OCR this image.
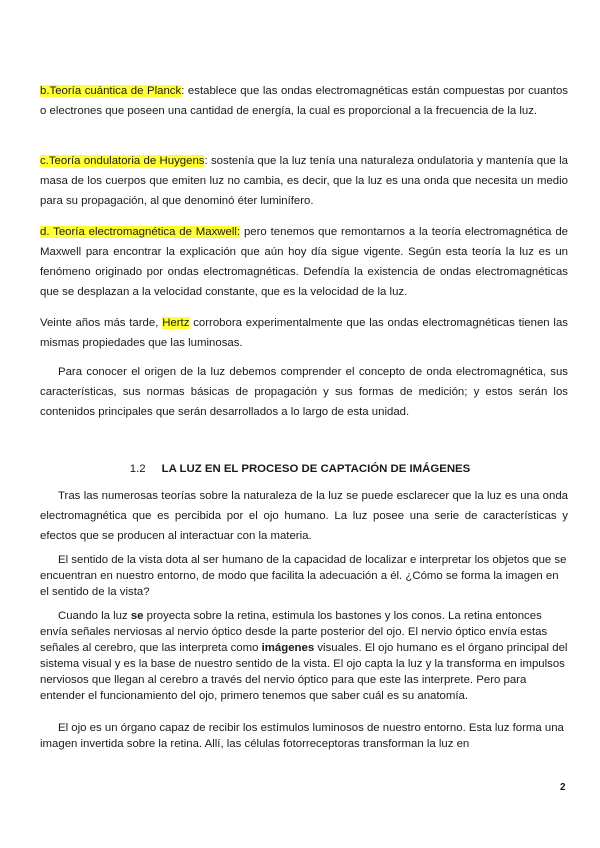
b.Teoría cuántica de Planck: establece que las ondas electromagnéticas están compuestas por cuantos o electrones que poseen una cantidad de energía, la cual es proporcional a la frecuencia de la luz.

c.Teoría ondulatoria de Huygens: sostenía que la luz tenía una naturaleza ondulatoria y mantenía que la masa de los cuerpos que emiten luz no cambia, es decir, que la luz es una onda que necesita un medio para su propagación, al que denominó éter luminífero.

d. Teoría electromagnética de Maxwell: pero tenemos que remontarnos a la teoría electromagnética de Maxwell para encontrar la explicación que aún hoy día sigue vigente. Según esta teoría la luz es un fenómeno originado por ondas electromagnéticas. Defendía la existencia de ondas electromagnéticas que se desplazan a la velocidad constante, que es la velocidad de la luz.

Veinte años más tarde, Hertz corrobora experimentalmente que las ondas electromagnéticas tienen las mismas propiedades que las luminosas.

Para conocer el origen de la luz debemos comprender el concepto de onda electromagnética, sus características, sus normas básicas de propagación y sus formas de medición; y estos serán los contenidos principales que serán desarrollados a lo largo de esta unidad.

1.2 LA LUZ EN EL PROCESO DE CAPTACIÓN DE IMÁGENES

Tras las numerosas teorías sobre la naturaleza de la luz se puede esclarecer que la luz es una onda electromagnética que es percibida por el ojo humano. La luz posee una serie de características y efectos que se producen al interactuar con la materia.

El sentido de la vista dota al ser humano de la capacidad de localizar e interpretar los objetos que se encuentran en nuestro entorno, de modo que facilita la adecuación a él. ¿Cómo se forma la imagen en el sentido de la vista?

Cuando la luz se proyecta sobre la retina, estimula los bastones y los conos. La retina entonces envía señales nerviosas al nervio óptico desde la parte posterior del ojo. El nervio óptico envía estas señales al cerebro, que las interpreta como imágenes visuales. El ojo humano es el órgano principal del sistema visual y es la base de nuestro sentido de la vista. El ojo capta la luz y la transforma en impulsos nerviosos que llegan al cerebro a través del nervio óptico para que este las interprete. Pero para entender el funcionamiento del ojo, primero tenemos que saber cuál es su anatomía.

El ojo es un órgano capaz de recibir los estímulos luminosos de nuestro entorno. Esta luz forma una imagen invertida sobre la retina. Allí, las células fotorreceptoras transforman la luz en

2
